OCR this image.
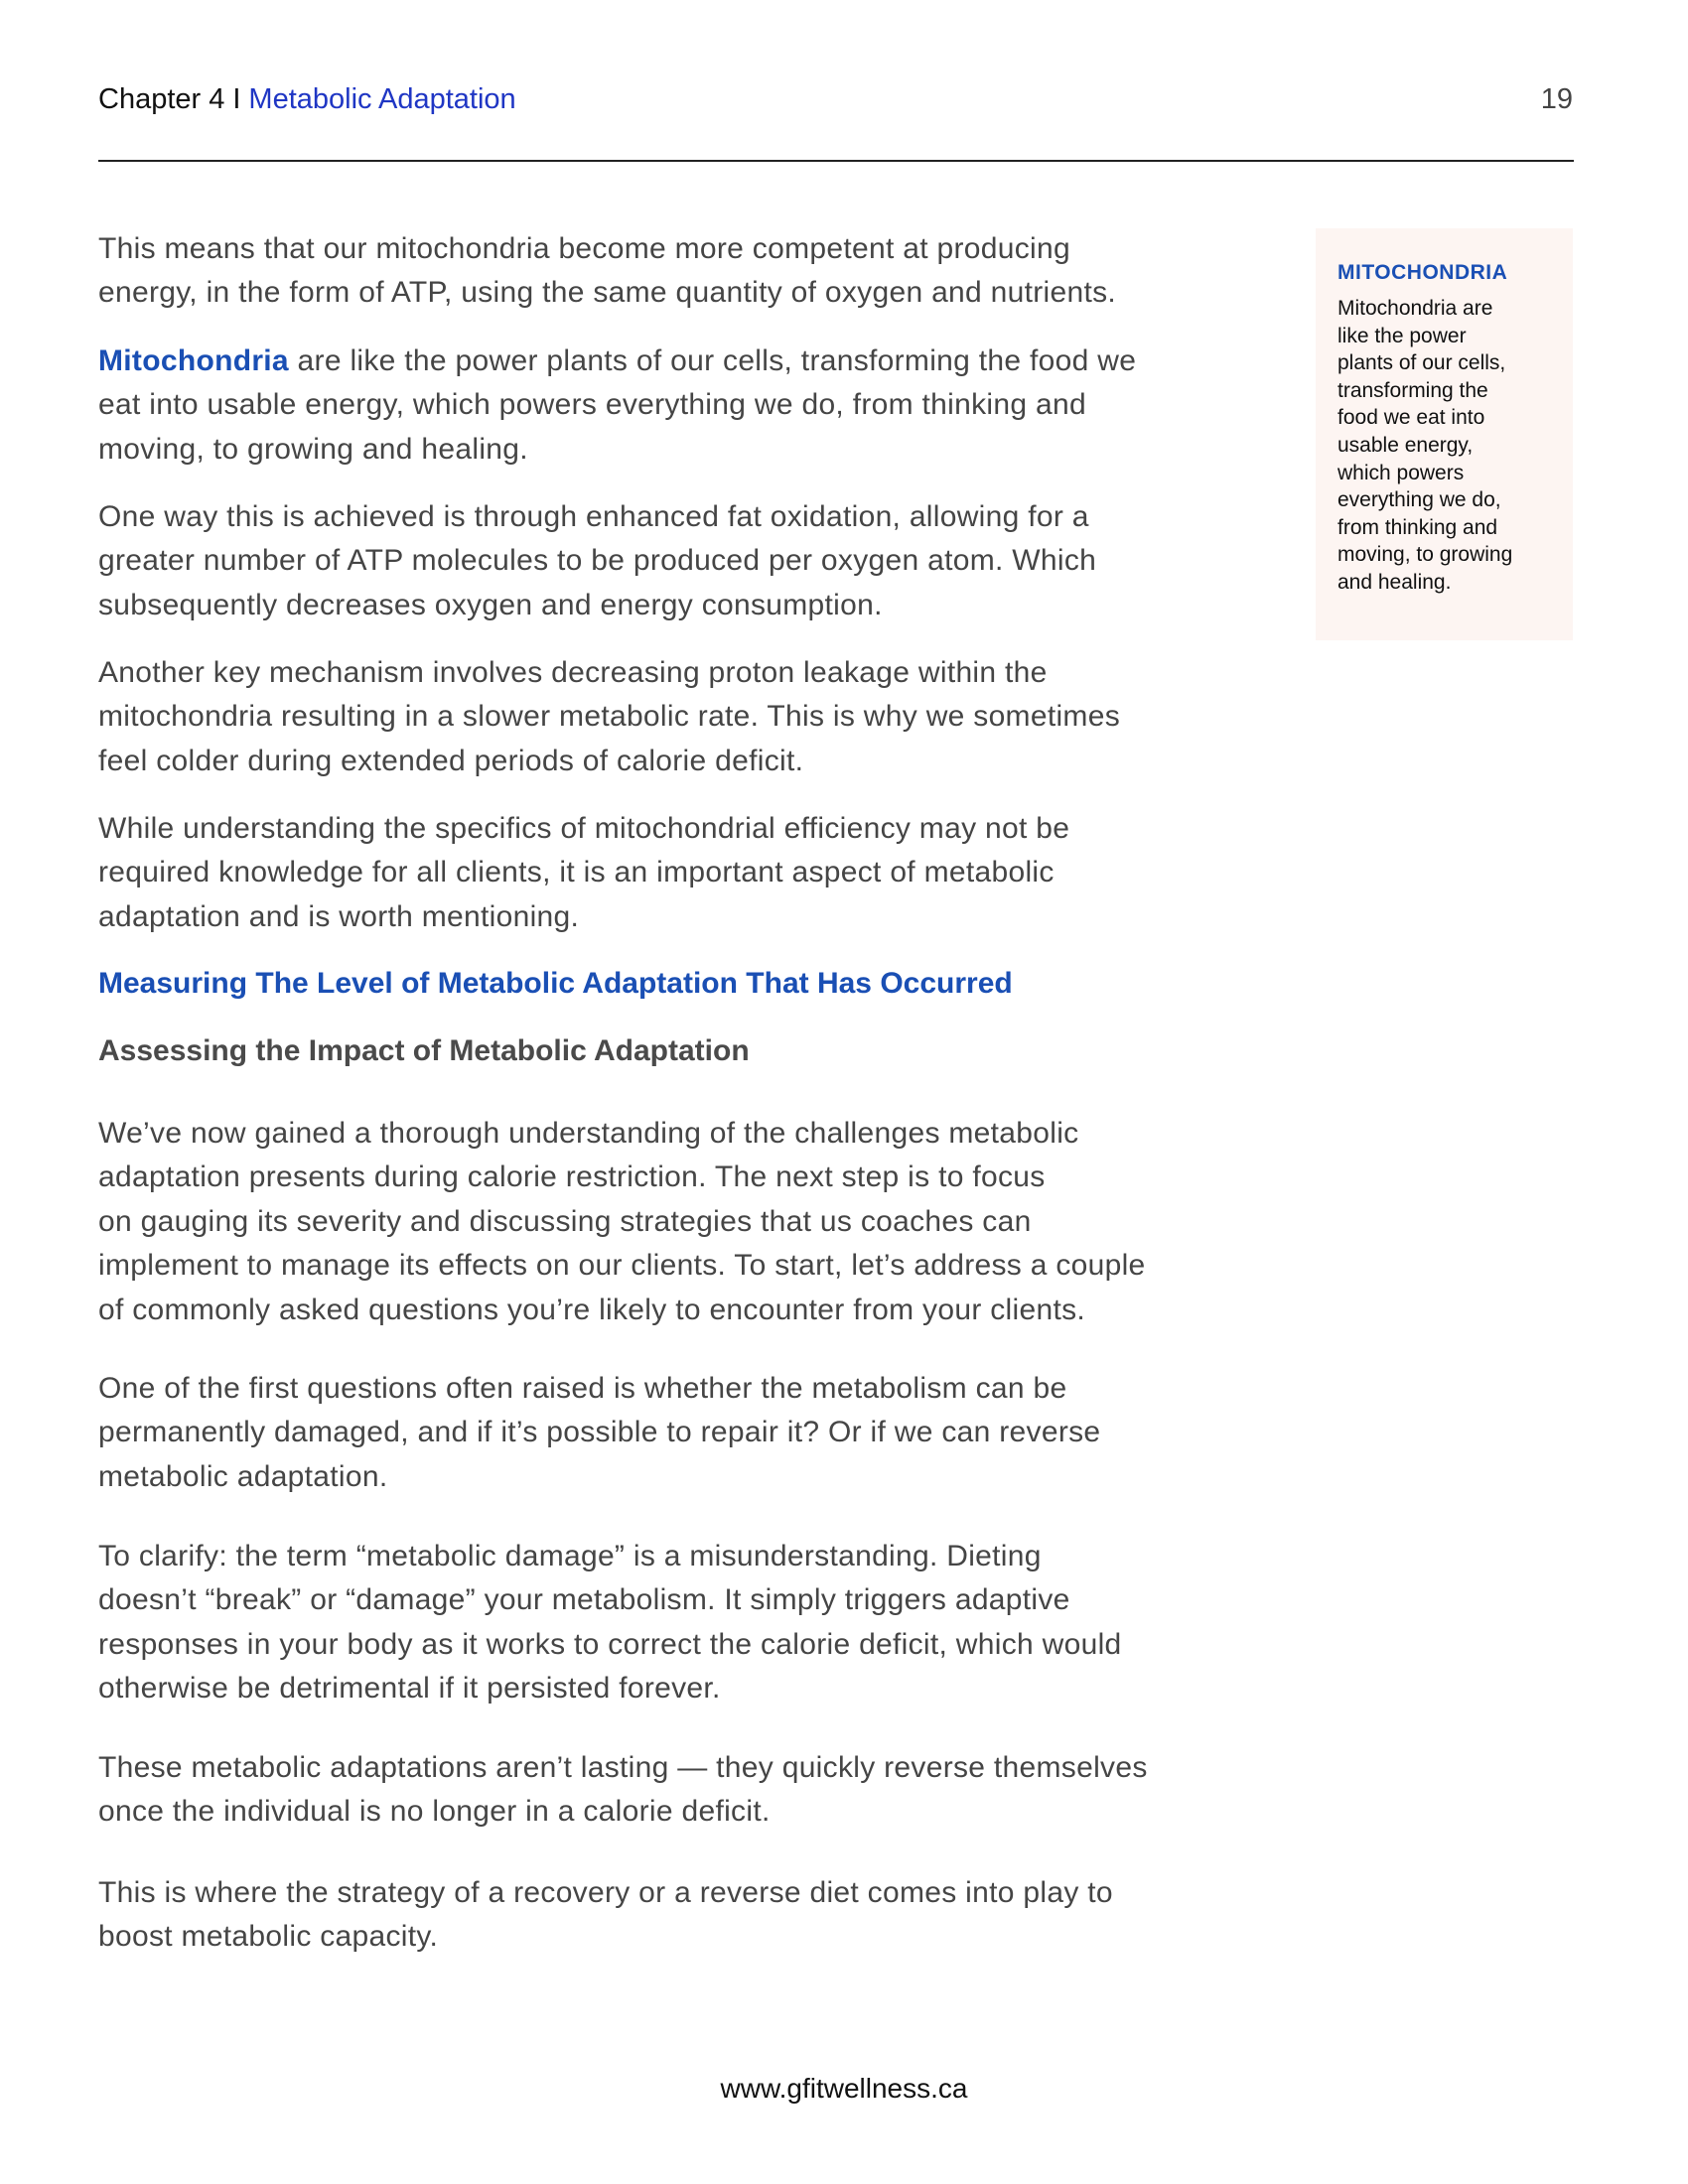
Chapter 4 I Metabolic Adaptation	19
This means that our mitochondria become more competent at producing
energy, in the form of ATP, using the same quantity of oxygen and nutrients.
Mitochondria are like the power plants of our cells, transforming the food we
eat into usable energy, which powers everything we do, from thinking and
moving, to growing and healing.
One way this is achieved is through enhanced fat oxidation, allowing for a
greater number of ATP molecules to be produced per oxygen atom. Which
subsequently decreases oxygen and energy consumption.
Another key mechanism involves decreasing proton leakage within the
mitochondria resulting in a slower metabolic rate. This is why we sometimes
feel colder during extended periods of calorie deficit.
While understanding the specifics of mitochondrial efficiency may not be
required knowledge for all clients, it is an important aspect of metabolic
adaptation and is worth mentioning.
Measuring The Level of Metabolic Adaptation That Has Occurred
Assessing the Impact of Metabolic Adaptation
We’ve now gained a thorough understanding of the challenges metabolic
adaptation presents during calorie restriction. The next step is to focus
on gauging its severity and discussing strategies that us coaches can
implement to manage its effects on our clients. To start, let’s address a couple
of commonly asked questions you’re likely to encounter from your clients.
One of the first questions often raised is whether the metabolism can be
permanently damaged, and if it’s possible to repair it? Or if we can reverse
metabolic adaptation.
To clarify: the term “metabolic damage” is a misunderstanding. Dieting
doesn’t “break” or “damage” your metabolism. It simply triggers adaptive
responses in your body as it works to correct the calorie deficit, which would
otherwise be detrimental if it persisted forever.
These metabolic adaptations aren’t lasting — they quickly reverse themselves
once the individual is no longer in a calorie deficit.
This is where the strategy of a recovery or a reverse diet comes into play to
boost metabolic capacity.
MITOCHONDRIA
Mitochondria are
like the power
plants of our cells,
transforming the
food we eat into
usable energy,
which powers
everything we do,
from thinking and
moving, to growing
and healing.
www.gfitwellness.ca
